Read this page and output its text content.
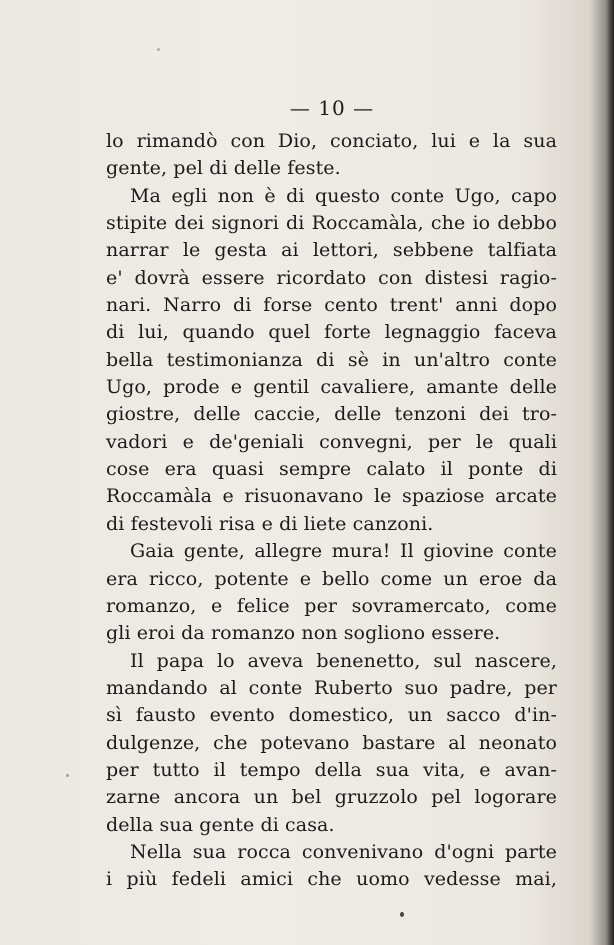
— 10 —
lo rimandò con Dio, conciato, lui e la sua
gente, pel di delle feste.
Ma egli non è di questo conte Ugo, capo
stipite dei signori di Roccamàla, che io debbo
narrar le gesta ai lettori, sebbene talfiata
e' dovrà essere ricordato con distesi ragio-
nari. Narro di forse cento trent' anni dopo
di lui, quando quel forte legnaggio faceva
bella testimonianza di sè in un'altro conte
Ugo, prode e gentil cavaliere, amante delle
giostre, delle caccie, delle tenzoni dei tro-
vadori e de'geniali convegni, per le quali
cose era quasi sempre calato il ponte di
Roccamàla e risuonavano le spaziose arcate
di festevoli risa e di liete canzoni.
Gaia gente, allegre mura! Il giovine conte
era ricco, potente e bello come un eroe da
romanzo, e felice per sovramercato, come
gli eroi da romanzo non sogliono essere.
Il papa lo aveva benenetto, sul nascere,
mandando al conte Ruberto suo padre, per
sì fausto evento domestico, un sacco d'in-
dulgenze, che potevano bastare al neonato
per tutto il tempo della sua vita, e avan-
zarne ancora un bel gruzzolo pel logorare
della sua gente di casa.
Nella sua rocca convenivano d'ogni parte
i più fedeli amici che uomo vedesse mai,
